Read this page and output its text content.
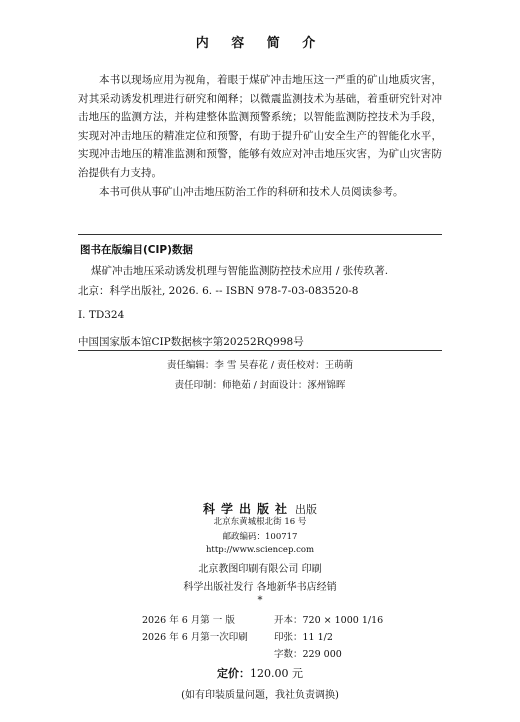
内 容 简 介

本书以现场应用为视角，着眼于煤矿冲击地压这一严重的矿山地质灾害，对其采动诱发机理进行研究和阐释；以微震监测技术为基础，着重研究针对冲击地压的监测方法，并构建整体监测预警系统；以智能监测防控技术为手段，实现对冲击地压的精准定位和预警，有助于提升矿山安全生产的智能化水平，实现冲击地压的精准监测和预警，能够有效应对冲击地压灾害，为矿山灾害防治提供有力支持。

本书可供从事矿山冲击地压防治工作的科研和技术人员阅读参考。

图书在版编目(CIP)数据
煤矿冲击地压采动诱发机理与智能监测防控技术应用 / 张传玖著.
北京：科学出版社, 2026. 6. -- ISBN 978-7-03-083520-8
Ⅰ. TD324
中国国家版本馆CIP数据核字第20252RQ998号
责任编辑：李 雪 吴春花 / 责任校对：王萌萌
责任印制：师艳茹 / 封面设计：涿州锦晖
科学出版社 出版
北京东黄城根北街 16 号
邮政编码：100717
http://www.sciencep.com
北京教图印刷有限公司 印刷
科学出版社发行 各地新华书店经销
*
2026 年 6 月第 一 版	开本：720 × 1000 1/16
2026 年 6 月第一次印刷	印张：11 1/2
字数：229 000
定价：120.00 元
(如有印装质量问题，我社负责调换)
